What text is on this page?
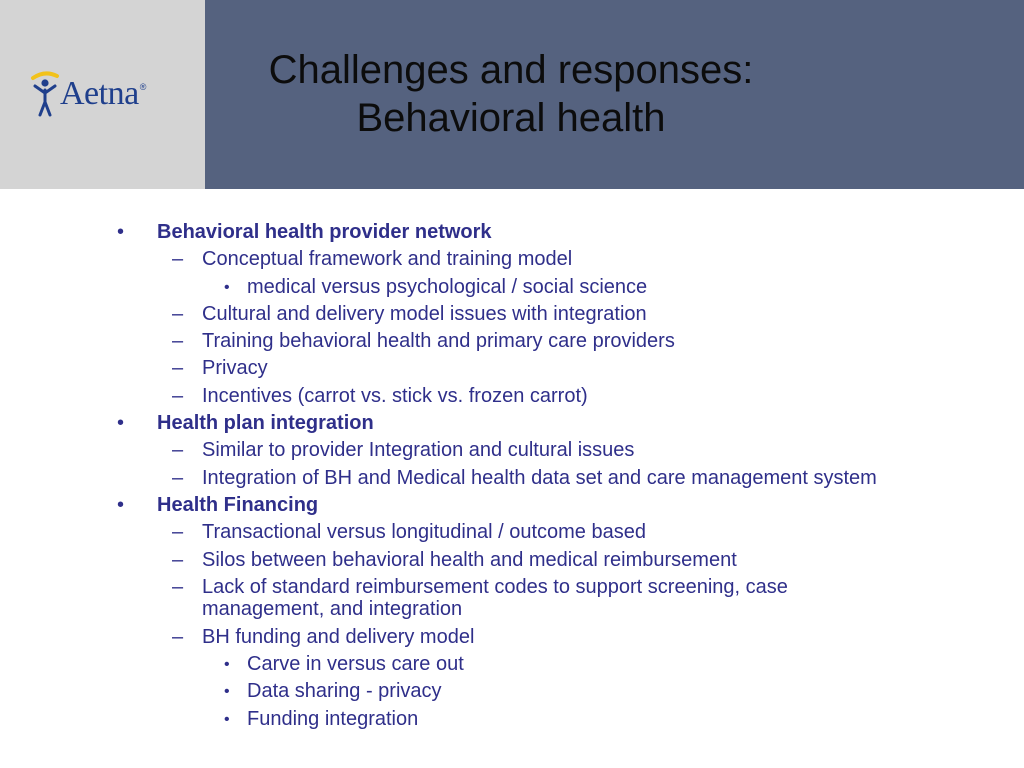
Aetna ®	Challenges and responses:
Behavioral health
• Behavioral health provider network
– Conceptual framework and training model
• medical versus psychological / social science
– Cultural and delivery model issues with integration
– Training behavioral health and primary care providers
– Privacy
– Incentives (carrot vs. stick vs. frozen carrot)
• Health plan integration
– Similar to provider Integration and cultural issues
– Integration of BH and Medical health data set and care management system
• Health Financing
– Transactional versus longitudinal / outcome based
– Silos between behavioral health and medical reimbursement
– Lack of standard reimbursement codes to support screening, case
management, and integration
– BH funding and delivery model
• Carve in versus care out
• Data sharing - privacy
• Funding integration
